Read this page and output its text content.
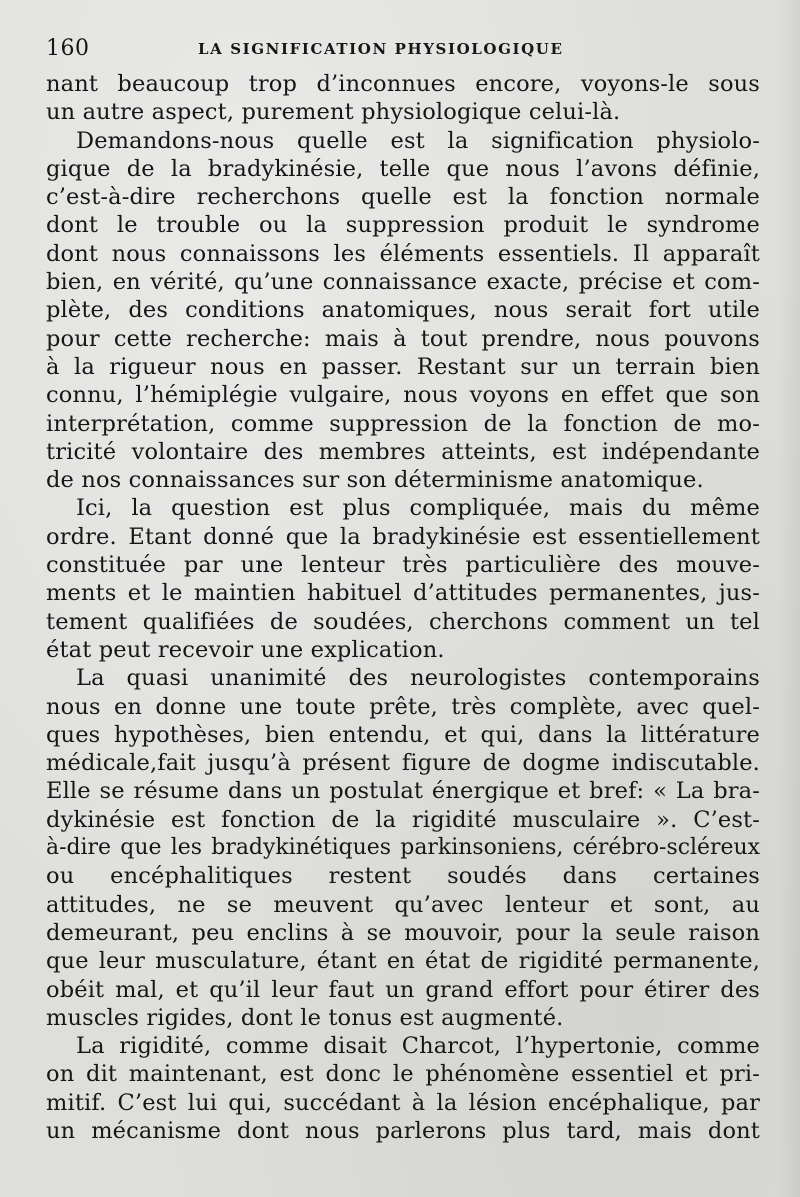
160	LA SIGNIFICATION PHYSIOLOGIQUE
nant beaucoup trop d’inconnues encore, voyons-le sous
un autre aspect, purement physiologique celui-là.
Demandons-nous quelle est la signification physiolo-
gique de la bradykinésie, telle que nous l’avons définie,
c’est-à-dire recherchons quelle est la fonction normale
dont le trouble ou la suppression produit le syndrome
dont nous connaissons les éléments essentiels. Il apparaît
bien, en vérité, qu’une connaissance exacte, précise et com-
plète, des conditions anatomiques, nous serait fort utile
pour cette recherche: mais à tout prendre, nous pouvons
à la rigueur nous en passer. Restant sur un terrain bien
connu, l’hémiplégie vulgaire, nous voyons en effet que son
interprétation, comme suppression de la fonction de mo-
tricité volontaire des membres atteints, est indépendante
de nos connaissances sur son déterminisme anatomique.
Ici, la question est plus compliquée, mais du même
ordre. Etant donné que la bradykinésie est essentiellement
constituée par une lenteur très particulière des mouve-
ments et le maintien habituel d’attitudes permanentes, jus-
tement qualifiées de soudées, cherchons comment un tel
état peut recevoir une explication.
La quasi unanimité des neurologistes contemporains
nous en donne une toute prête, très complète, avec quel-
ques hypothèses, bien entendu, et qui, dans la littérature
médicale,fait jusqu’à présent figure de dogme indiscutable.
Elle se résume dans un postulat énergique et bref: « La bra-
dykinésie est fonction de la rigidité musculaire ». C’est-
à-dire que les bradykinétiques parkinsoniens, cérébro-scléreux
ou encéphalitiques restent soudés dans certaines
attitudes, ne se meuvent qu’avec lenteur et sont, au
demeurant, peu enclins à se mouvoir, pour la seule raison
que leur musculature, étant en état de rigidité permanente,
obéit mal, et qu’il leur faut un grand effort pour étirer des
muscles rigides, dont le tonus est augmenté.
La rigidité, comme disait Charcot, l’hypertonie, comme
on dit maintenant, est donc le phénomène essentiel et pri-
mitif. C’est lui qui, succédant à la lésion encéphalique, par
un mécanisme dont nous parlerons plus tard, mais dont
